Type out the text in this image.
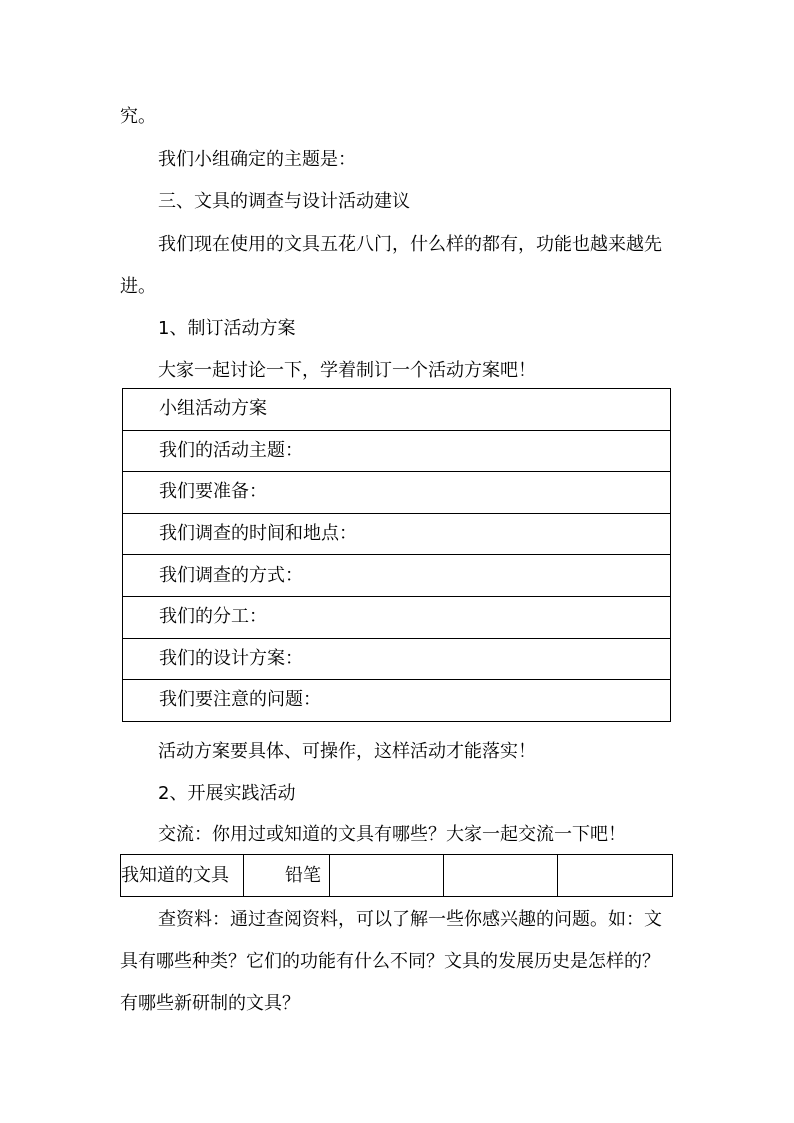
究。
我们小组确定的主题是：
三、文具的调查与设计活动建议
我们现在使用的文具五花八门，什么样的都有，功能也越来越先
进。
1、制订活动方案
大家一起讨论一下，学着制订一个活动方案吧！
小组活动方案
我们的活动主题：
我们要准备：
我们调查的时间和地点：
我们调查的方式：
我们的分工：
我们的设计方案：
我们要注意的问题：
活动方案要具体、可操作，这样活动才能落实！
2、开展实践活动
交流：你用过或知道的文具有哪些？大家一起交流一下吧！
我知道的文具	铅笔			
查资料：通过查阅资料，可以了解一些你感兴趣的问题。如：文
具有哪些种类？它们的功能有什么不同？文具的发展历史是怎样的？
有哪些新研制的文具？
